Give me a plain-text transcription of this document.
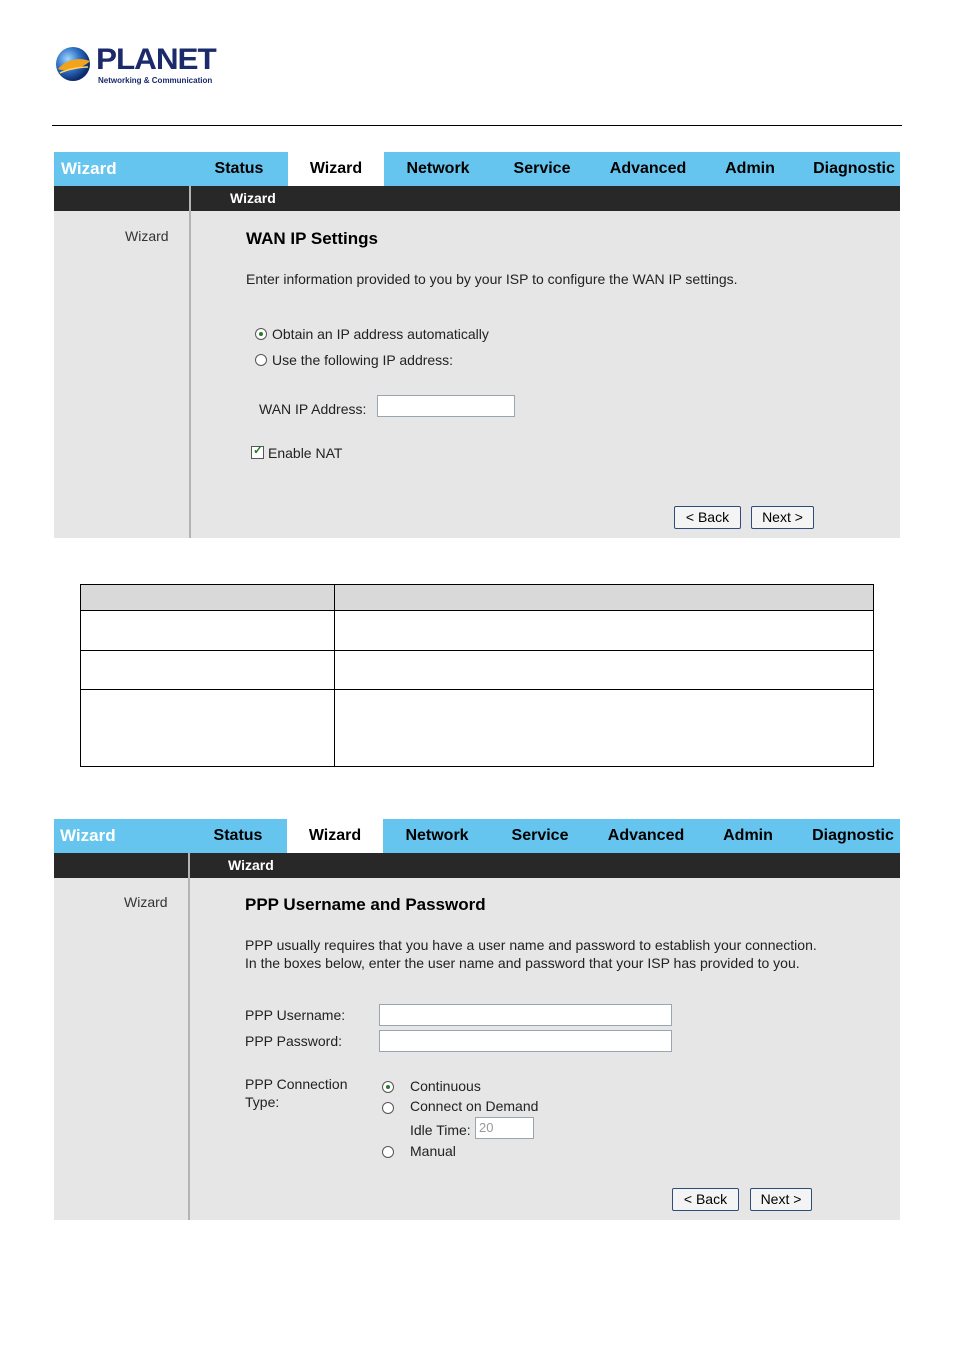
PLANET
Networking & Communication
Wizard	Status	Wizard	Network	Service	Advanced	Admin	Diagnostic
Wizard
Wizard	WAN IP Settings
Enter information provided to you by your ISP to configure the WAN IP settings.
Obtain an IP address automatically
Use the following IP address:
WAN IP Address:
✓ Enable NAT
< Back	Next >

Wizard	Status	Wizard	Network	Service	Advanced	Admin	Diagnostic
Wizard
Wizard	PPP Username and Password
PPP usually requires that you have a user name and password to establish your connection.
In the boxes below, enter the user name and password that your ISP has provided to you.
PPP Username:
PPP Password:
PPP Connection
Type:
Continuous
Connect on Demand
Idle Time: 20
Manual
< Back	Next >
